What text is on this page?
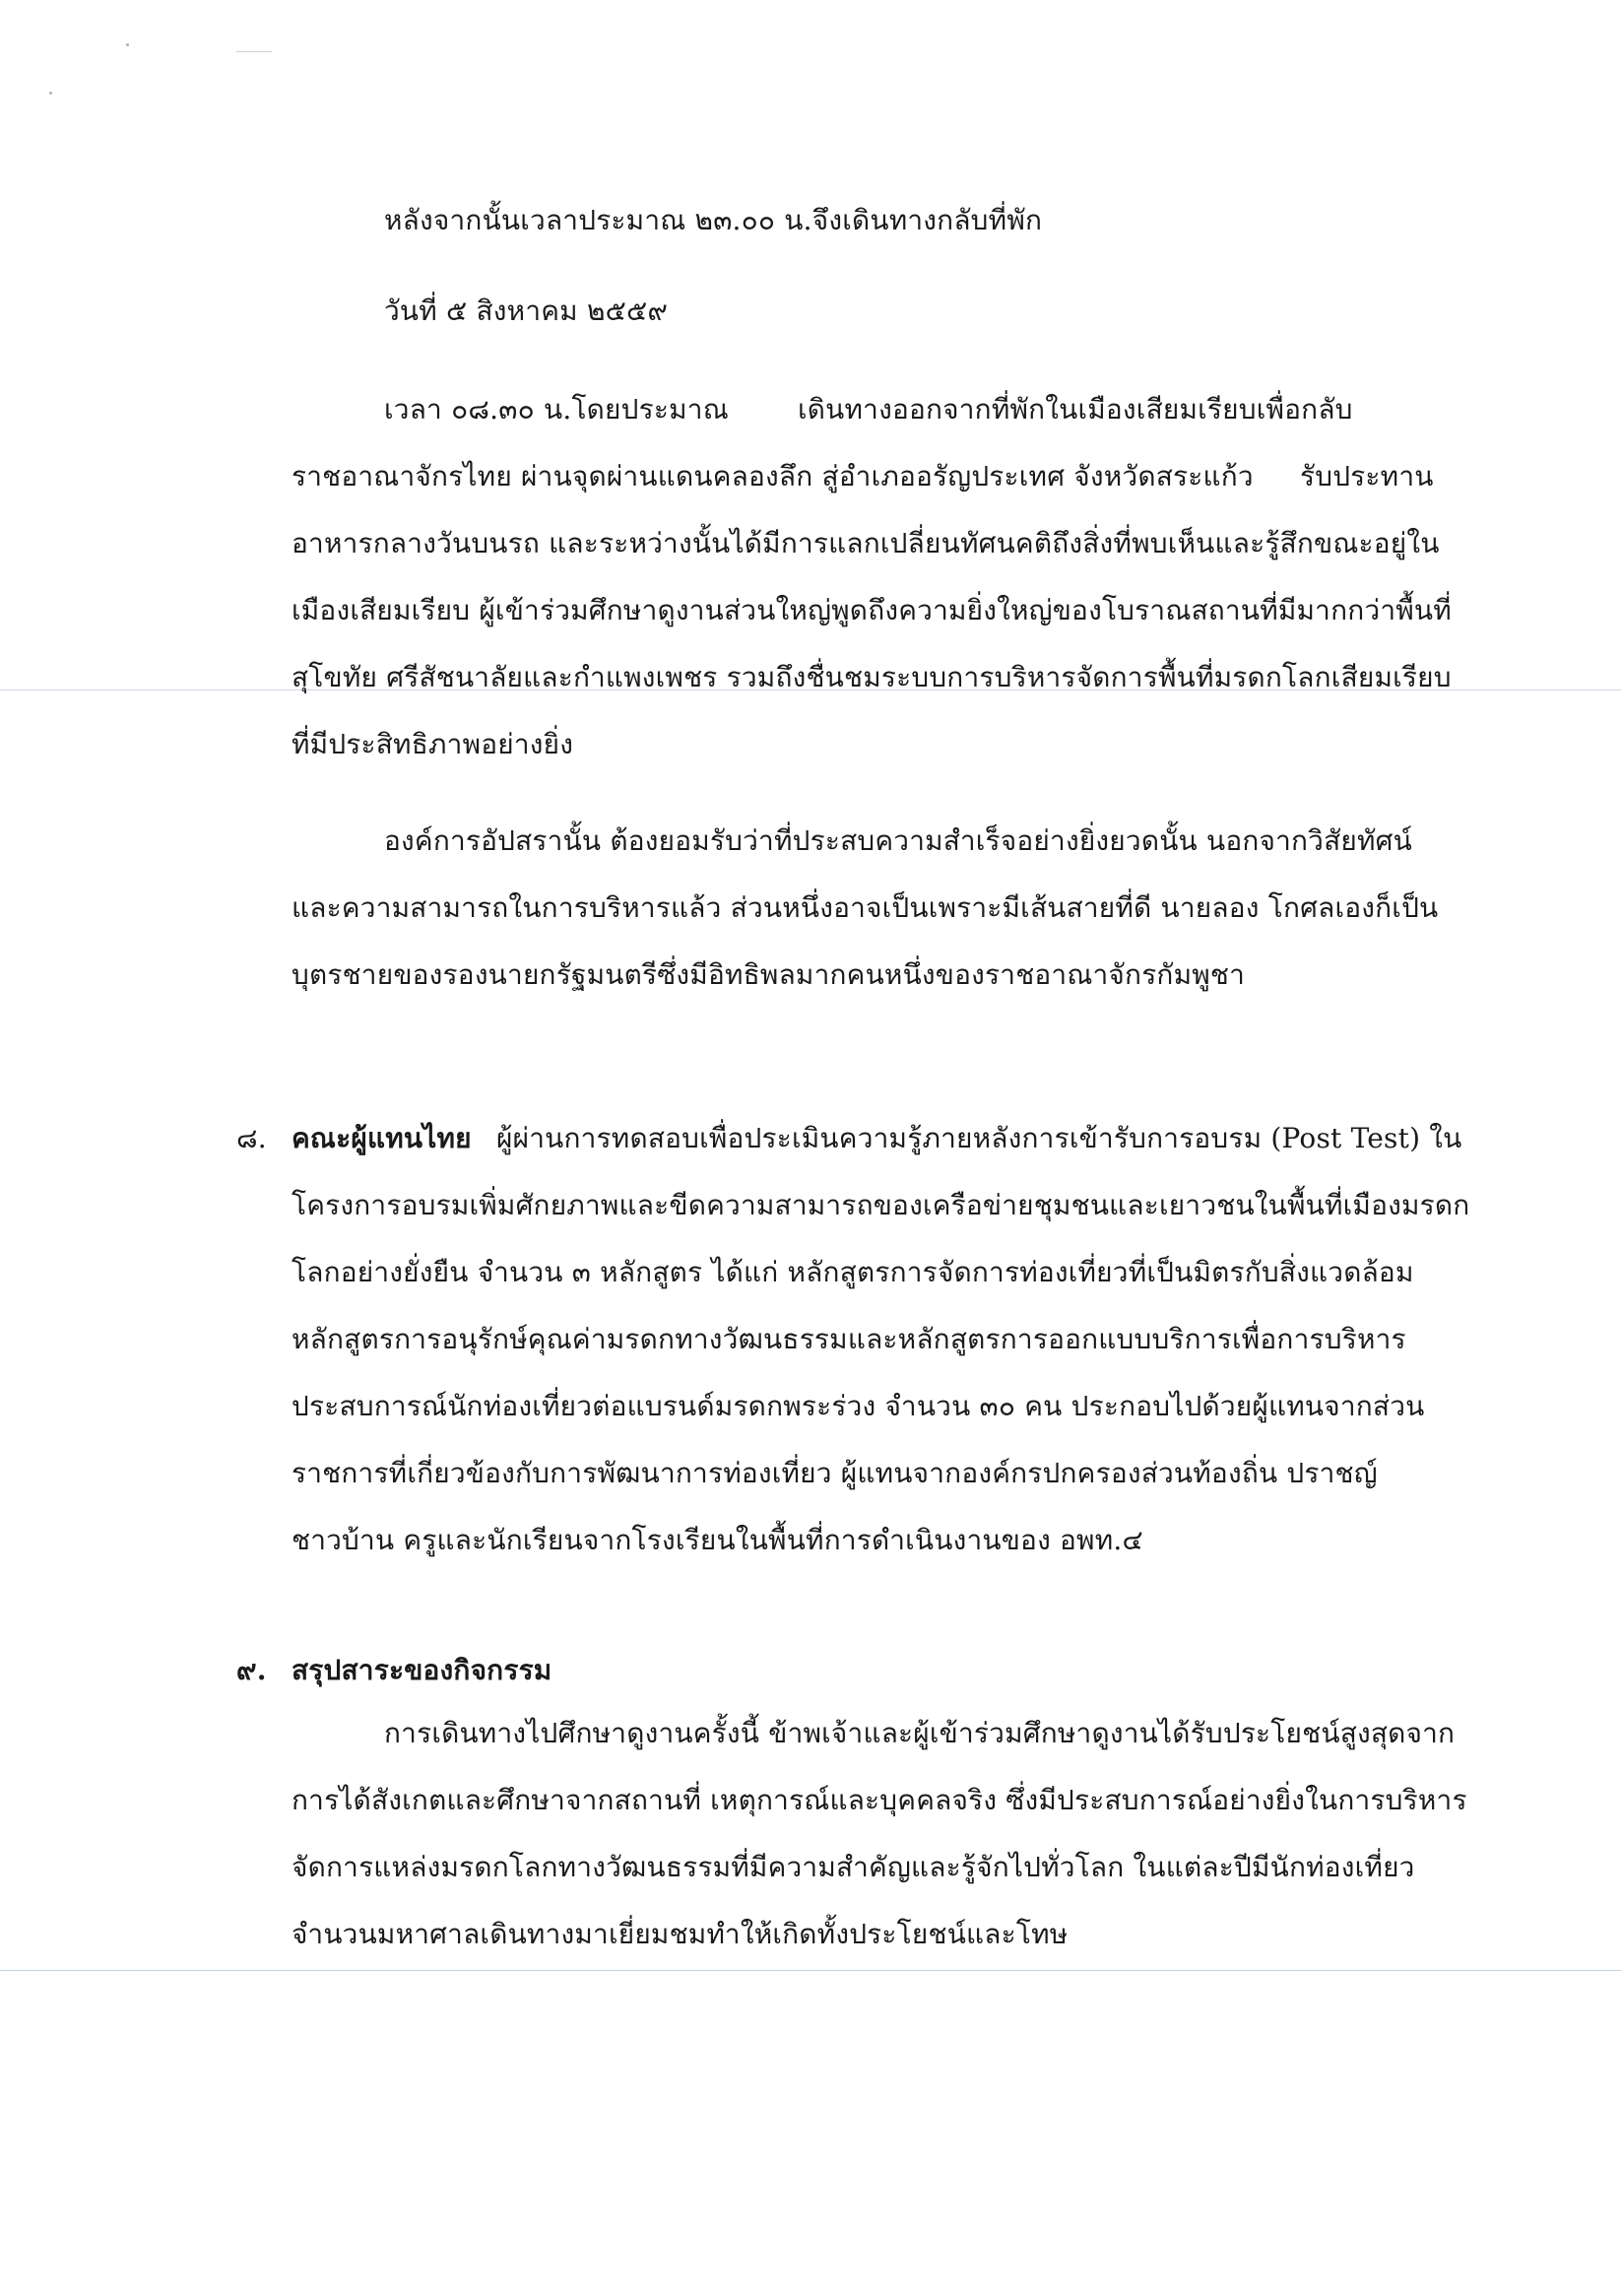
หลังจากนั้นเวลาประมาณ ๒๓.๐๐ น.จึงเดินทางกลับที่พัก
วันที่ ๕ สิงหาคม ๒๕๕๙
เวลา ๐๘.๓๐ น.โดยประมาณ	เดินทางออกจากที่พักในเมืองเสียมเรียบเพื่อกลับ
ราชอาณาจักรไทย ผ่านจุดผ่านแดนคลองลึก สู่อำเภออรัญประเทศ จังหวัดสระแก้ว รับประทาน
อาหารกลางวันบนรถ และระหว่างนั้นได้มีการแลกเปลี่ยนทัศนคติถึงสิ่งที่พบเห็นและรู้สึกขณะอยู่ใน
เมืองเสียมเรียบ ผู้เข้าร่วมศึกษาดูงานส่วนใหญ่พูดถึงความยิ่งใหญ่ของโบราณสถานที่มีมากกว่าพื้นที่
สุโขทัย ศรีสัชนาลัยและกำแพงเพชร รวมถึงชื่นชมระบบการบริหารจัดการพื้นที่มรดกโลกเสียมเรียบ
ที่มีประสิทธิภาพอย่างยิ่ง
องค์การอัปสรานั้น ต้องยอมรับว่าที่ประสบความสำเร็จอย่างยิ่งยวดนั้น นอกจากวิสัยทัศน์
และความสามารถในการบริหารแล้ว ส่วนหนึ่งอาจเป็นเพราะมีเส้นสายที่ดี นายลอง โกศลเองก็เป็น
บุตรชายของรองนายกรัฐมนตรีซึ่งมีอิทธิพลมากคนหนึ่งของราชอาณาจักรกัมพูชา
๘. คณะผู้แทนไทย ผู้ผ่านการทดสอบเพื่อประเมินความรู้ภายหลังการเข้ารับการอบรม (Post Test) ใน
โครงการอบรมเพิ่มศักยภาพและขีดความสามารถของเครือข่ายชุมชนและเยาวชนในพื้นที่เมืองมรดก
โลกอย่างยั่งยืน จำนวน ๓ หลักสูตร ได้แก่ หลักสูตรการจัดการท่องเที่ยวที่เป็นมิตรกับสิ่งแวดล้อม
หลักสูตรการอนุรักษ์คุณค่ามรดกทางวัฒนธรรมและหลักสูตรการออกแบบบริการเพื่อการบริหาร
ประสบการณ์นักท่องเที่ยวต่อแบรนด์มรดกพระร่วง จำนวน ๓๐ คน ประกอบไปด้วยผู้แทนจากส่วน
ราชการที่เกี่ยวข้องกับการพัฒนาการท่องเที่ยว ผู้แทนจากองค์กรปกครองส่วนท้องถิ่น ปราชญ์
ชาวบ้าน ครูและนักเรียนจากโรงเรียนในพื้นที่การดำเนินงานของ อพท.๔
๙. สรุปสาระของกิจกรรม
การเดินทางไปศึกษาดูงานครั้งนี้ ข้าพเจ้าและผู้เข้าร่วมศึกษาดูงานได้รับประโยชน์สูงสุดจาก
การได้สังเกตและศึกษาจากสถานที่ เหตุการณ์และบุคคลจริง ซึ่งมีประสบการณ์อย่างยิ่งในการบริหาร
จัดการแหล่งมรดกโลกทางวัฒนธรรมที่มีความสำคัญและรู้จักไปทั่วโลก ในแต่ละปีมีนักท่องเที่ยว
จำนวนมหาศาลเดินทางมาเยี่ยมชมทำให้เกิดทั้งประโยชน์และโทษ
